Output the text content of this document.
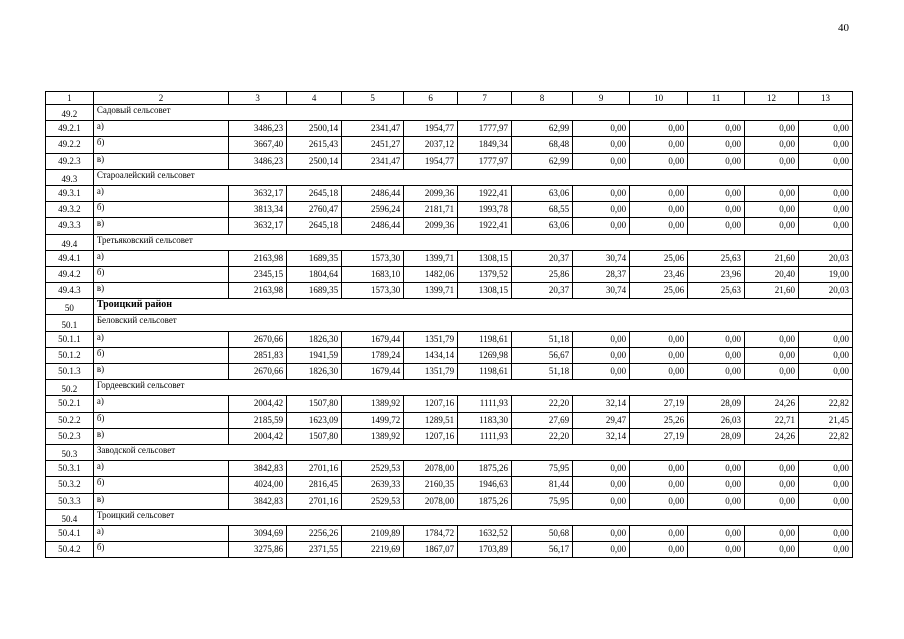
40
1	2	3	4	5	6	7	8	9	10	11	12	13
49.2	Садовый сельсовет											
49.2.1	а)	3486,23	2500,14	2341,47	1954,77	1777,97	62,99	0,00	0,00	0,00	0,00	0,00
49.2.2	б)	3667,40	2615,43	2451,27	2037,12	1849,34	68,48	0,00	0,00	0,00	0,00	0,00
49.2.3	в)	3486,23	2500,14	2341,47	1954,77	1777,97	62,99	0,00	0,00	0,00	0,00	0,00
49.3	Староалейский сельсовет											
49.3.1	а)	3632,17	2645,18	2486,44	2099,36	1922,41	63,06	0,00	0,00	0,00	0,00	0,00
49.3.2	б)	3813,34	2760,47	2596,24	2181,71	1993,78	68,55	0,00	0,00	0,00	0,00	0,00
49.3.3	в)	3632,17	2645,18	2486,44	2099,36	1922,41	63,06	0,00	0,00	0,00	0,00	0,00
49.4	Третьяковский сельсовет											
49.4.1	а)	2163,98	1689,35	1573,30	1399,71	1308,15	20,37	30,74	25,06	25,63	21,60	20,03
49.4.2	б)	2345,15	1804,64	1683,10	1482,06	1379,52	25,86	28,37	23,46	23,96	20,40	19,00
49.4.3	в)	2163,98	1689,35	1573,30	1399,71	1308,15	20,37	30,74	25,06	25,63	21,60	20,03
50	Троицкий район											
50.1	Беловский сельсовет											
50.1.1	а)	2670,66	1826,30	1679,44	1351,79	1198,61	51,18	0,00	0,00	0,00	0,00	0,00
50.1.2	б)	2851,83	1941,59	1789,24	1434,14	1269,98	56,67	0,00	0,00	0,00	0,00	0,00
50.1.3	в)	2670,66	1826,30	1679,44	1351,79	1198,61	51,18	0,00	0,00	0,00	0,00	0,00
50.2	Гордеевский сельсовет											
50.2.1	а)	2004,42	1507,80	1389,92	1207,16	1111,93	22,20	32,14	27,19	28,09	24,26	22,82
50.2.2	б)	2185,59	1623,09	1499,72	1289,51	1183,30	27,69	29,47	25,26	26,03	22,71	21,45
50.2.3	в)	2004,42	1507,80	1389,92	1207,16	1111,93	22,20	32,14	27,19	28,09	24,26	22,82
50.3	Заводской сельсовет											
50.3.1	а)	3842,83	2701,16	2529,53	2078,00	1875,26	75,95	0,00	0,00	0,00	0,00	0,00
50.3.2	б)	4024,00	2816,45	2639,33	2160,35	1946,63	81,44	0,00	0,00	0,00	0,00	0,00
50.3.3	в)	3842,83	2701,16	2529,53	2078,00	1875,26	75,95	0,00	0,00	0,00	0,00	0,00
50.4	Троицкий сельсовет											
50.4.1	а)	3094,69	2256,26	2109,89	1784,72	1632,52	50,68	0,00	0,00	0,00	0,00	0,00
50.4.2	б)	3275,86	2371,55	2219,69	1867,07	1703,89	56,17	0,00	0,00	0,00	0,00	0,00
